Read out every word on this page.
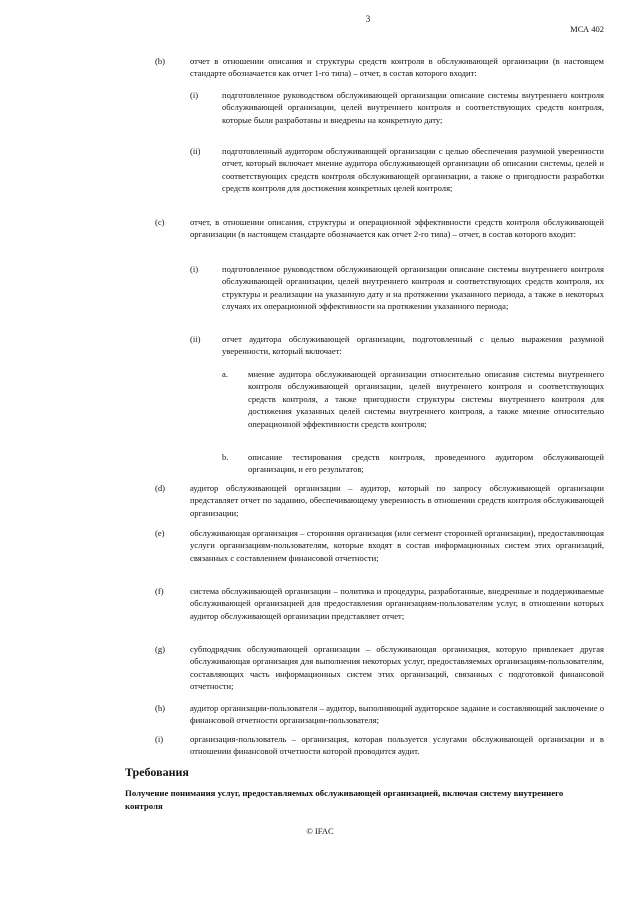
3
МСА 402
(b)	отчет в отношении описания и структуры средств контроля в обслуживающей организации (в настоящем стандарте обозначается как отчет 1-го типа) – отчет, в состав которого входит:
(i)	подготовленное руководством обслуживающей организации описание системы внутреннего контроля обслуживающей организации, целей внутреннего контроля и соответствующих средств контроля, которые были разработаны и внедрены на конкретную дату;
(ii)	подготовленный аудитором обслуживающей организации с целью обеспечения разумной уверенности отчет, который включает мнение аудитора обслуживающей организации об описании системы, целей и соответствующих средств контроля обслуживающей организации, а также о пригодности разработки средств контроля для достижения конкретных целей контроля;
(c)	отчет, в отношении описания, структуры и операционной эффективности средств контроля обслуживающей организации (в настоящем стандарте обозначается как отчет 2-го типа) – отчет, в состав которого входит:
(i)	подготовленное руководством обслуживающей организации описание системы внутреннего контроля обслуживающей организации, целей внутреннего контроля и соответствующих средств контроля, их структуры и реализации на указанную дату и на протяжении указанного периода, а также в некоторых случаях их операционной эффективности на протяжении указанного периода;
(ii)	отчет аудитора обслуживающей организации, подготовленный с целью выражения разумной уверенности, который включает:
a. мнение аудитора обслуживающей организации относительно описания системы внутреннего контроля обслуживающей организации, целей внутреннего контроля и соответствующих средств контроля, а также пригодности структуры системы внутреннего контроля для достижения указанных целей системы внутреннего контроля, а также мнение относительно операционной эффективности средств контроля;
b. описание тестирования средств контроля, проведенного аудитором обслуживающей организации, и его результатов;
(d)	аудитор обслуживающей организации – аудитор, который по запросу обслуживающей организации представляет отчет по заданию, обеспечивающему уверенность в отношении средств контроля обслуживающей организации;
(e)	обслуживающая организация – сторонняя организация (или сегмент сторонней организации), предоставляющая услуги организациям-пользователям, которые входят в состав информационных систем этих организаций, связанных с составлением финансовой отчетности;
(f)	система обслуживающей организации – политика и процедуры, разработанные, внедренные и поддерживаемые обслуживающей организацией для предоставления организациям-пользователям услуг, в отношении которых аудитор обслуживающей организации представляет отчет;
(g)	субподрядчик обслуживающей организации – обслуживающая организация, которую привлекает другая обслуживающая организация для выполнения некоторых услуг, предоставляемых организациям-пользователям, составляющих часть информационных систем этих организаций, связанных с подготовкой финансовой отчетности;
(h)	аудитор организации-пользователя – аудитор, выполняющий аудиторское задание и составляющий заключение о финансовой отчетности организации-пользователя;
(i)	организация-пользователь – организация, которая пользуется услугами обслуживающей организации и в отношении финансовой отчетности которой проводится аудит.
Требования
Получение понимания услуг, предоставляемых обслуживающей организацией, включая систему внутреннего контроля
© IFAC
